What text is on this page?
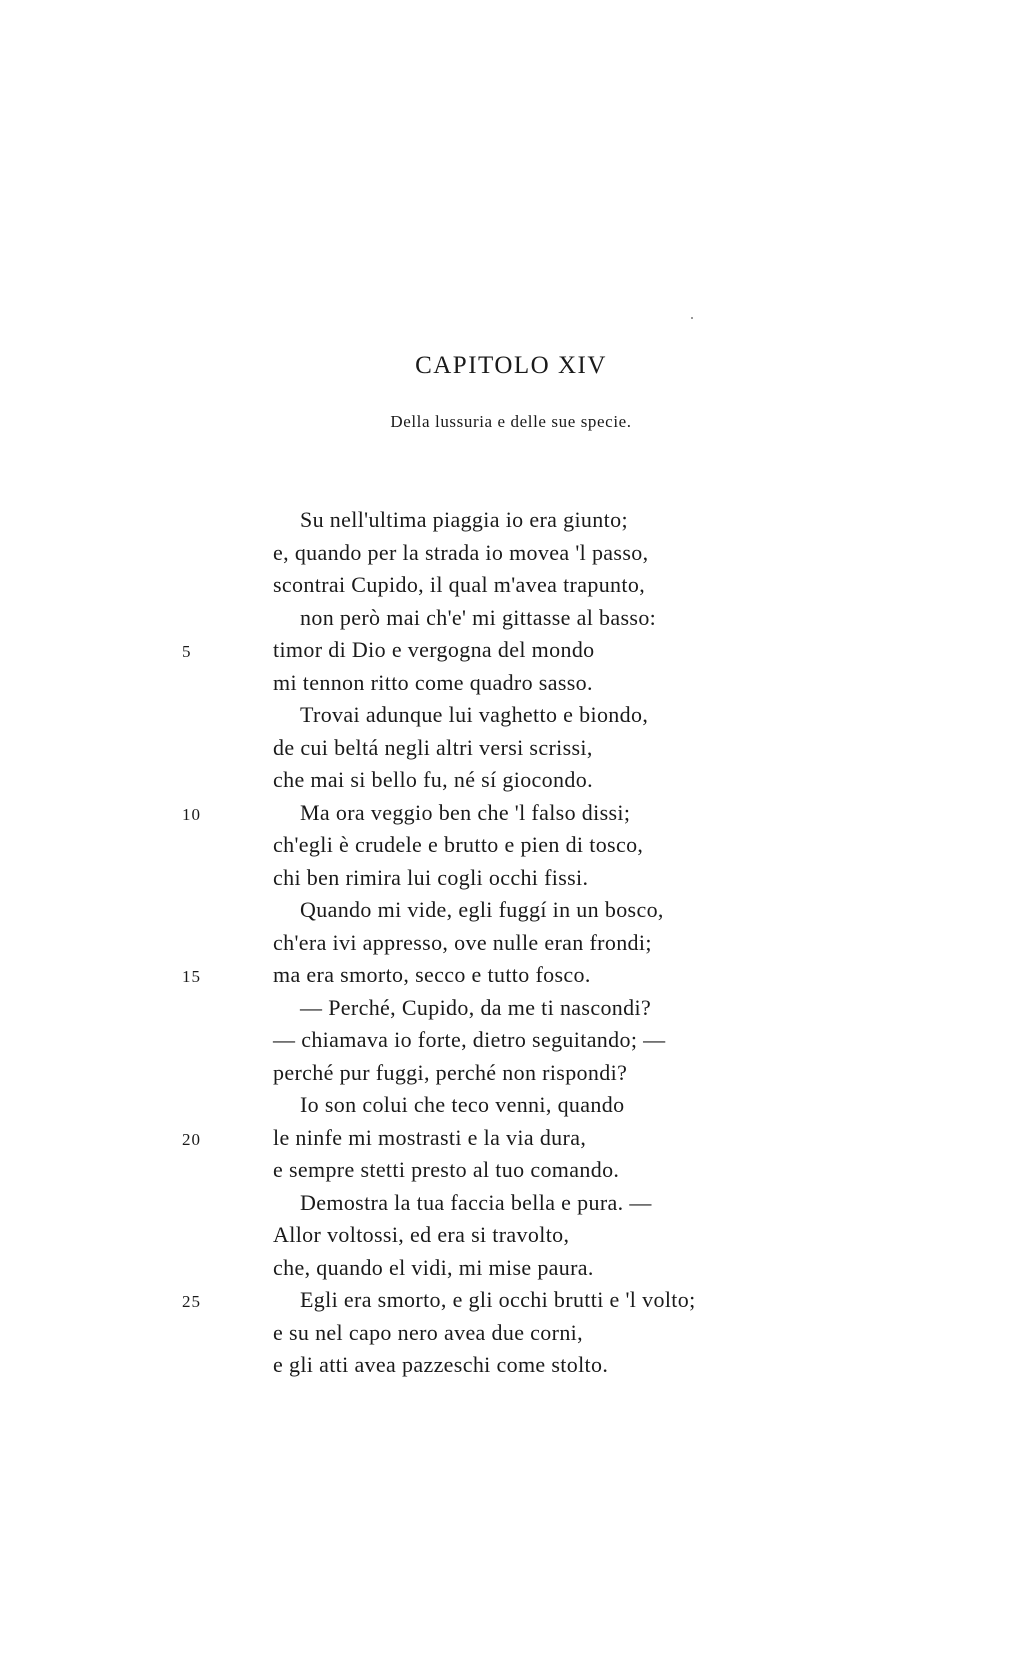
CAPITOLO XIV

Della lussuria e delle sue specie.

Su nell'ultima piaggia io era giunto;
e, quando per la strada io movea 'l passo,
scontrai Cupido, il qual m'avea trapunto,
non però mai ch'e' mi gittasse al basso:
5	timor di Dio e vergogna del mondo
mi tennon ritto come quadro sasso.
Trovai adunque lui vaghetto e biondo,
de cui beltá negli altri versi scrissi,
che mai si bello fu, né sí giocondo.
10	Ma ora veggio ben che 'l falso dissi;
ch'egli è crudele e brutto e pien di tosco,
chi ben rimira lui cogli occhi fissi.
Quando mi vide, egli fuggí in un bosco,
ch'era ivi appresso, ove nulle eran frondi;
15	ma era smorto, secco e tutto fosco.
— Perché, Cupido, da me ti nascondi?
— chiamava io forte, dietro seguitando; —
perché pur fuggi, perché non rispondi?
Io son colui che teco venni, quando
20	le ninfe mi mostrasti e la via dura,
e sempre stetti presto al tuo comando.
Demostra la tua faccia bella e pura. —
Allor voltossi, ed era si travolto,
che, quando el vidi, mi mise paura.
25	Egli era smorto, e gli occhi brutti e 'l volto;
e su nel capo nero avea due corni,
e gli atti avea pazzeschi come stolto.
